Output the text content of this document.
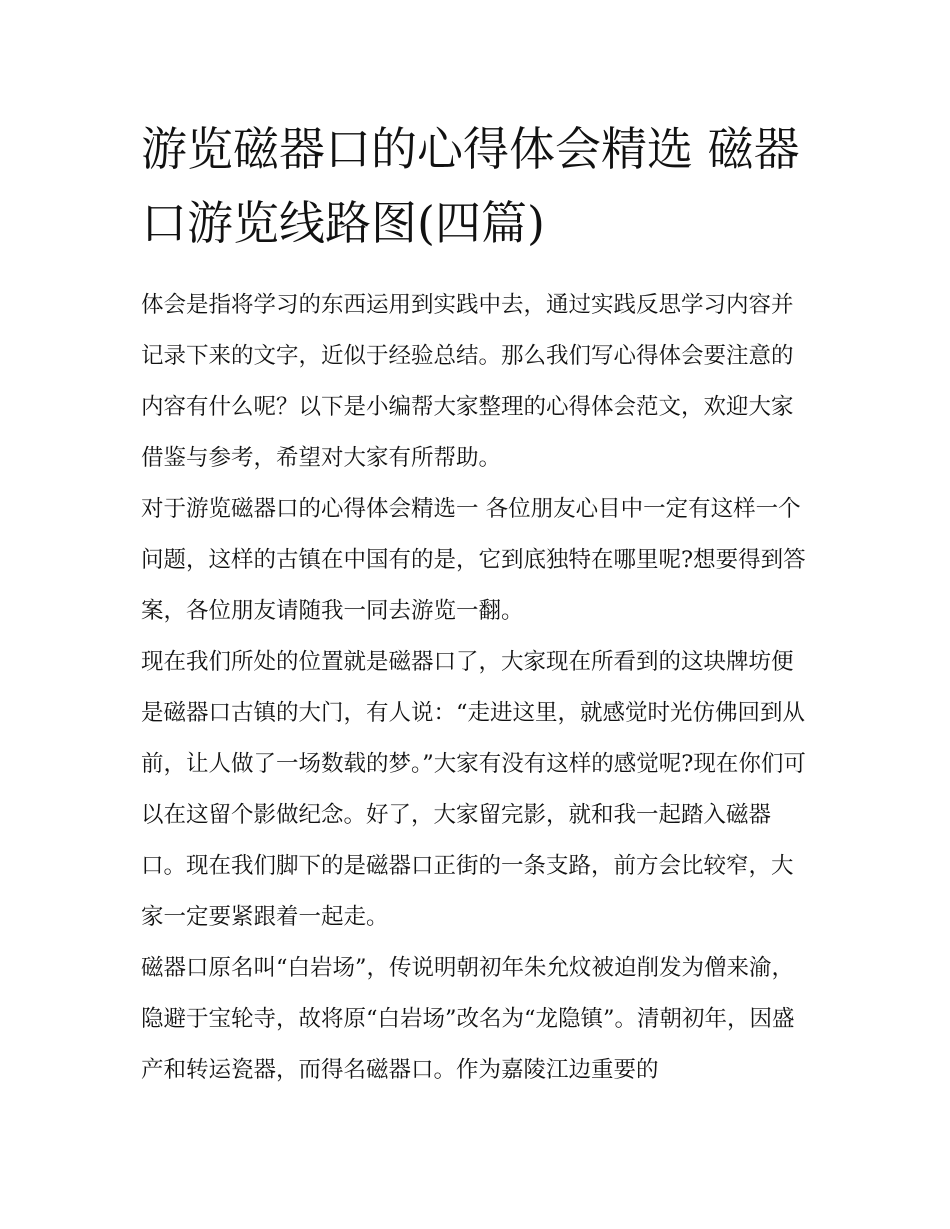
游览磁器口的心得体会精选 磁器口游览线路图(四篇)

体会是指将学习的东西运用到实践中去，通过实践反思学习内容并记录下来的文字，近似于经验总结。那么我们写心得体会要注意的内容有什么呢？以下是小编帮大家整理的心得体会范文，欢迎大家借鉴与参考，希望对大家有所帮助。

对于游览磁器口的心得体会精选一 各位朋友心目中一定有这样一个问题，这样的古镇在中国有的是，它到底独特在哪里呢?想要得到答案，各位朋友请随我一同去游览一翻。

现在我们所处的位置就是磁器口了，大家现在所看到的这块牌坊便是磁器口古镇的大门，有人说：“走进这里，就感觉时光仿佛回到从前，让人做了一场数载的梦。”大家有没有这样的感觉呢?现在你们可以在这留个影做纪念。好了，大家留完影，就和我一起踏入磁器口。现在我们脚下的是磁器口正街的一条支路，前方会比较窄，大家一定要紧跟着一起走。

磁器口原名叫“白岩场”，传说明朝初年朱允炆被迫削发为僧来渝，隐避于宝轮寺，故将原“白岩场”改名为“龙隐镇”。清朝初年，因盛产和转运瓷器，而得名磁器口。作为嘉陵江边重要的
